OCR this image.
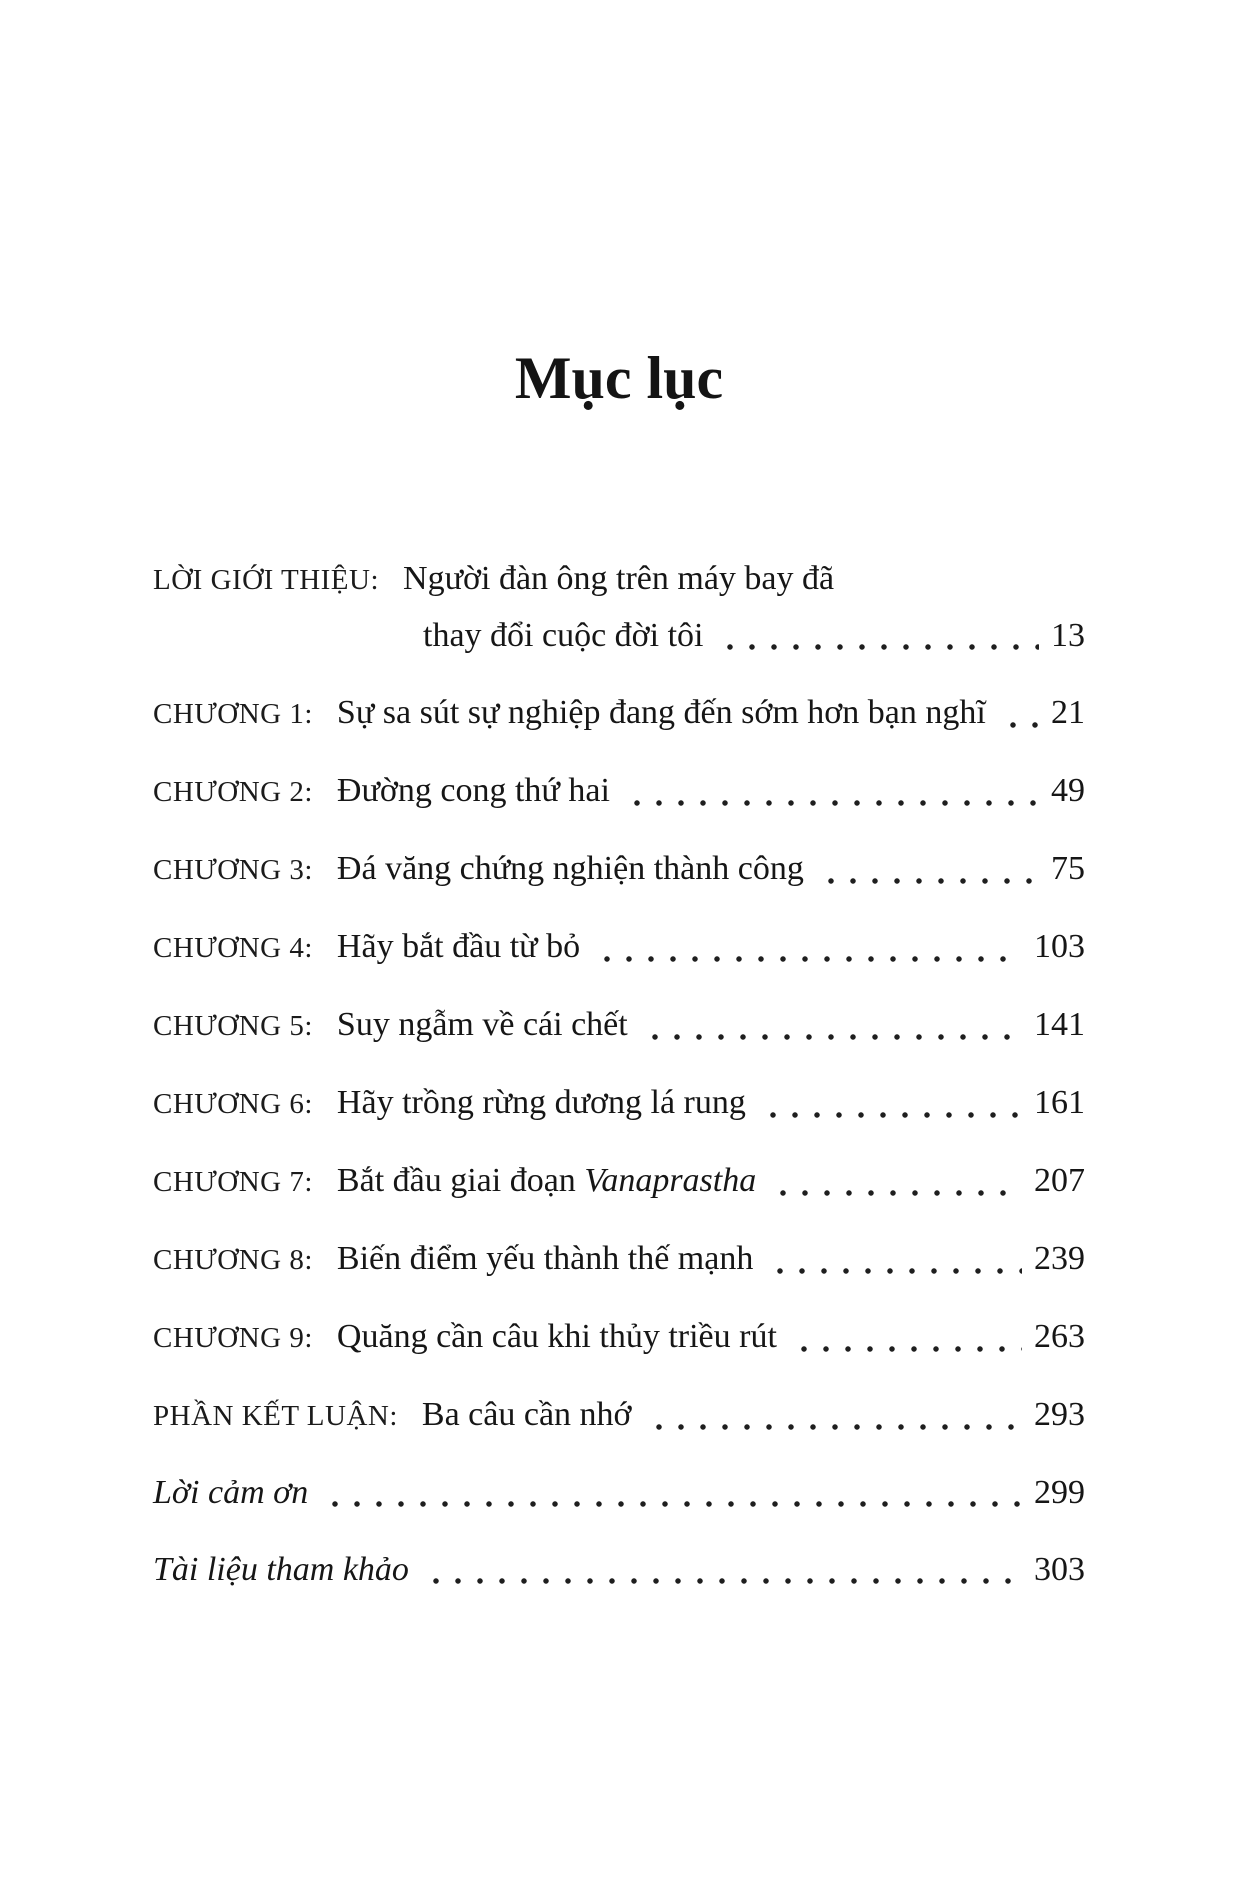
Mục lục
LỜI GIỚI THIỆU: Người đàn ông trên máy bay đã
thay đổi cuộc đời tôi	13
CHƯƠNG 1: Sự sa sút sự nghiệp đang đến sớm hơn bạn nghĩ 21
CHƯƠNG 2: Đường cong thứ hai	49
CHƯƠNG 3: Đá văng chứng nghiện thành công	75
CHƯƠNG 4: Hãy bắt đầu từ bỏ	103
CHƯƠNG 5: Suy ngẫm về cái chết	141
CHƯƠNG 6: Hãy trồng rừng dương lá rung	161
CHƯƠNG 7: Bắt đầu giai đoạn Vanaprastha	207
CHƯƠNG 8: Biến điểm yếu thành thế mạnh	239
CHƯƠNG 9: Quăng cần câu khi thủy triều rút	263
PHẦN KẾT LUẬN: Ba câu cần nhớ	293
Lời cảm ơn	299
Tài liệu tham khảo	303
